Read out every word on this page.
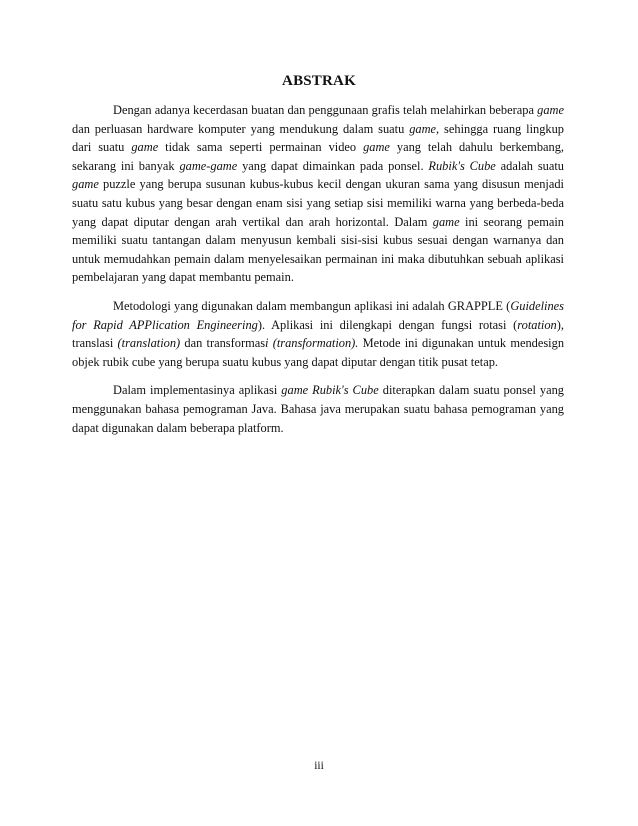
ABSTRAK

Dengan adanya kecerdasan buatan dan penggunaan grafis telah melahirkan beberapa game dan perluasan hardware komputer yang mendukung dalam suatu game, sehingga ruang lingkup dari suatu game tidak sama seperti permainan video game yang telah dahulu berkembang, sekarang ini banyak game-game yang dapat dimainkan pada ponsel. Rubik's Cube adalah suatu game puzzle yang berupa susunan kubus-kubus kecil dengan ukuran sama yang disusun menjadi suatu satu kubus yang besar dengan enam sisi yang setiap sisi memiliki warna yang berbeda-beda yang dapat diputar dengan arah vertikal dan arah horizontal. Dalam game ini seorang pemain memiliki suatu tantangan dalam menyusun kembali sisi-sisi kubus sesuai dengan warnanya dan untuk memudahkan pemain dalam menyelesaikan permainan ini maka dibutuhkan sebuah aplikasi pembelajaran yang dapat membantu pemain.

Metodologi yang digunakan dalam membangun aplikasi ini adalah GRAPPLE (Guidelines for Rapid APPlication Engineering). Aplikasi ini dilengkapi dengan fungsi rotasi (rotation), translasi (translation) dan transformasi (transformation). Metode ini digunakan untuk mendesign objek rubik cube yang berupa suatu kubus yang dapat diputar dengan titik pusat tetap.

Dalam implementasinya aplikasi game Rubik's Cube diterapkan dalam suatu ponsel yang menggunakan bahasa pemograman Java. Bahasa java merupakan suatu bahasa pemograman yang dapat digunakan dalam beberapa platform.

iii
